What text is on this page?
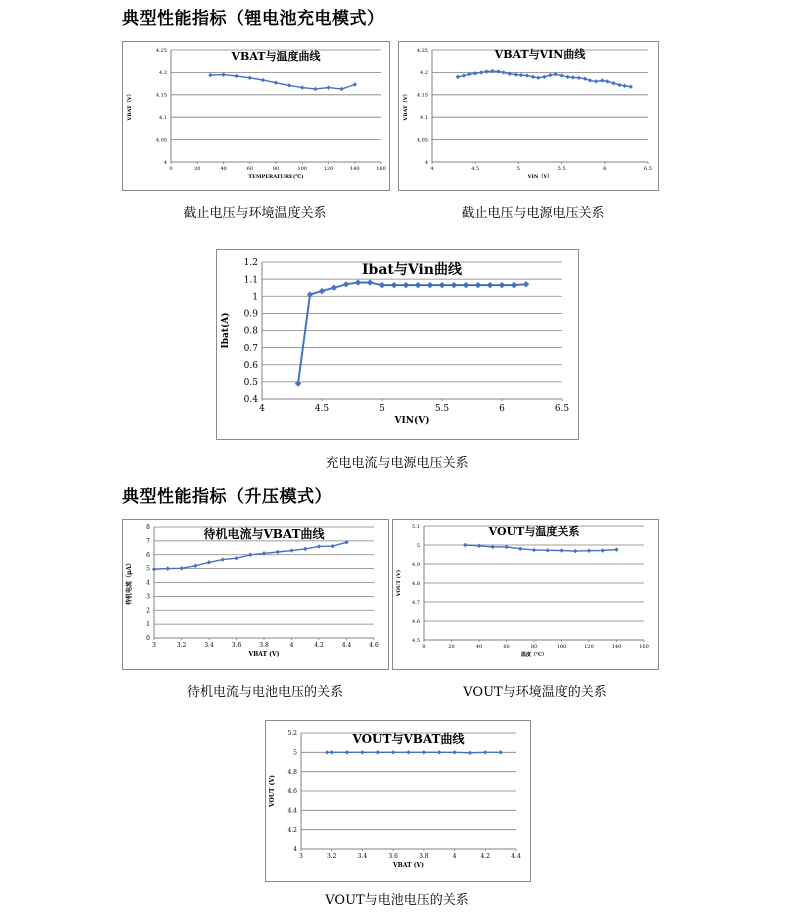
典型性能指标（锂电池充电模式）
4
4.05
4.1
4.15
4.2
4.25
0	20	40	60	80	100	120	140	160
TEMPERATURE(℃)
VBAT（V）
VBAT与温度曲线
4
4.05
4.1
4.15
4.2
4.25
4	4.5	5	5.5	6	6.5
VIN（V）
VBAT（V）
VBAT与VIN曲线
截止电压与环境温度关系	截止电压与电源电压关系
0.4
0.5
0.6
0.7
0.8
0.9
1
1.1
1.2
4	4.5	5	5.5	6	6.5
VIN(V)
Ibat(A)
Ibat与Vin曲线
充电电流与电源电压关系
典型性能指标（升压模式）
0
1
2
3
4
5
6
7
8
3	3.2	3.4	3.6	3.8	4	4.2	4.4	4.6
VBAT (V)
待机电流（μA）
待机电流与VBAT曲线
4.5
4.6
4.7
4.8
4.9
5
5.1
0	20	40	60	80	100	120	140	160
温度（℃）
VOUT (V)
VOUT与温度关系
待机电流与电池电压的关系	VOUT与环境温度的关系
4
4.2
4.4
4.6
4.8
5
5.2
3	3.2	3.4	3.6	3.8	4	4.2	4.4
VBAT (V)
VOUT (V)
VOUT与VBAT曲线
VOUT与电池电压的关系
